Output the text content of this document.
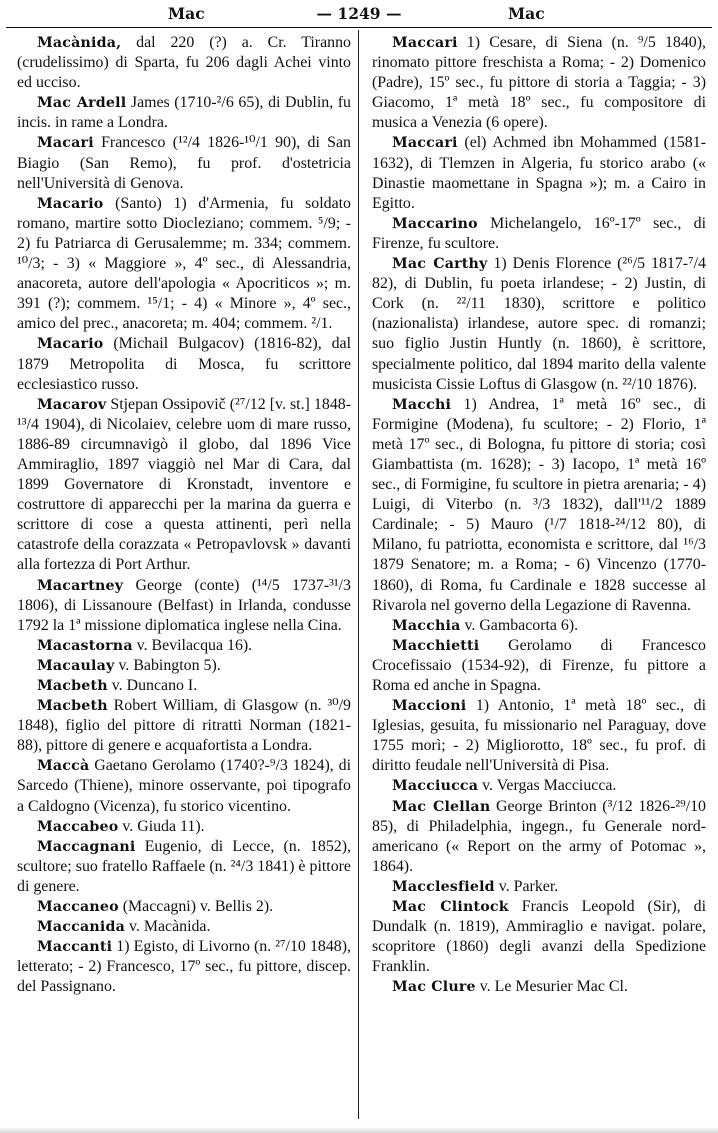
Mac	— 1249 —	Mac

Macànida, dal 220 (?) a. Cr. Tiranno (crudelissimo) di Sparta, fu 206 dagli Achei vinto ed ucciso.

Mac Ardell James (1710-²/6 65), di Dublin, fu incis. in rame a Londra.

Macari Francesco (¹²/4 1826-¹⁰/1 90), di San Biagio (San Remo), fu prof. d'ostetricia nell'Università di Genova.

Macario (Santo) 1) d'Armenia, fu soldato romano, martire sotto Diocleziano; commem. ⁵/9; - 2) fu Patriarca di Gerusalemme; m. 334; commem. ¹⁰/3; - 3) « Maggiore », 4º sec., di Alessandria, anacoreta, autore dell'apologia « Apocriticos »; m. 391 (?); commem. ¹⁵/1; - 4) « Minore », 4º sec., amico del prec., anacoreta; m. 404; commem. ²/1.

Macario (Michail Bulgacov) (1816-82), dal 1879 Metropolita di Mosca, fu scrittore ecclesiastico russo.

Macarov Stjepan Ossipovič (²⁷/12 [v. st.] 1848-¹³/4 1904), di Nicolaiev, celebre uom di mare russo, 1886-89 circumnavigò il globo, dal 1896 Vice Ammiraglio, 1897 viaggiò nel Mar di Cara, dal 1899 Governatore di Kronstadt, inventore e costruttore di apparecchi per la marina da guerra e scrittore di cose a questa attinenti, perì nella catastrofe della corazzata « Petropavlovsk » davanti alla fortezza di Port Arthur.

Macartney George (conte) (¹⁴/5 1737-³¹/3 1806), di Lissanoure (Belfast) in Irlanda, condusse 1792 la 1ª missione diplomatica inglese nella Cina.

Macastorna v. Bevilacqua 16).

Macaulay v. Babington 5).

Macbeth v. Duncano I.

Macbeth Robert William, di Glasgow (n. ³⁰/9 1848), figlio del pittore di ritratti Norman (1821-88), pittore di genere e acquafortista a Londra.

Maccà Gaetano Gerolamo (1740?-⁹/3 1824), di Sarcedo (Thiene), minore osservante, poi tipografo a Caldogno (Vicenza), fu storico vicentino.

Maccabeo v. Giuda 11).

Maccagnani Eugenio, di Lecce, (n. 1852), scultore; suo fratello Raffaele (n. ²⁴/3 1841) è pittore di genere.

Maccaneo (Maccagni) v. Bellis 2).

Maccanida v. Macànida.

Maccanti 1) Egisto, di Livorno (n. ²⁷/10 1848), letterato; - 2) Francesco, 17º sec., fu pittore, discep. del Passignano.

Maccari 1) Cesare, di Siena (n. ⁹/5 1840), rinomato pittore freschista a Roma; - 2) Domenico (Padre), 15º sec., fu pittore di storia a Taggia; - 3) Giacomo, 1ª metà 18º sec., fu compositore di musica a Venezia (6 opere).

Maccari (el) Achmed ibn Mohammed (1581-1632), di Tlemzen in Algeria, fu storico arabo (« Dinastie maomettane in Spagna »); m. a Cairo in Egitto.

Maccarino Michelangelo, 16º-17º sec., di Firenze, fu scultore.

Mac Carthy 1) Denis Florence (²⁶/5 1817-⁷/4 82), di Dublin, fu poeta irlandese; - 2) Justin, di Cork (n. ²²/11 1830), scrittore e politico (nazionalista) irlandese, autore spec. di romanzi; suo figlio Justin Huntly (n. 1860), è scrittore, specialmente politico, dal 1894 marito della valente musicista Cissie Loftus di Glasgow (n. ²²/10 1876).

Macchi 1) Andrea, 1ª metà 16º sec., di Formigine (Modena), fu scultore; - 2) Florio, 1ª metà 17º sec., di Bologna, fu pittore di storia; così Giambattista (m. 1628); - 3) Iacopo, 1ª metà 16º sec., di Formigine, fu scultore in pietra arenaria; - 4) Luigi, di Viterbo (n. ³/3 1832), dall'¹¹/2 1889 Cardinale; - 5) Mauro (¹/7 1818-²⁴/12 80), di Milano, fu patriotta, economista e scrittore, dal ¹⁶/3 1879 Senatore; m. a Roma; - 6) Vincenzo (1770-1860), di Roma, fu Cardinale e 1828 successe al Rivarola nel governo della Legazione di Ravenna.

Macchia v. Gambacorta 6).

Macchietti Gerolamo di Francesco Crocefissaio (1534-92), di Firenze, fu pittore a Roma ed anche in Spagna.

Maccioni 1) Antonio, 1ª metà 18º sec., di Iglesias, gesuita, fu missionario nel Paraguay, dove 1755 morì; - 2) Migliorotto, 18º sec., fu prof. di diritto feudale nell'Università di Pisa.

Macciucca v. Vergas Macciucca.

Mac Clellan George Brinton (³/12 1826-²⁹/10 85), di Philadelphia, ingegn., fu Generale nord-americano (« Report on the army of Potomac », 1864).

Macclesfield v. Parker.

Mac Clintock Francis Leopold (Sir), di Dundalk (n. 1819), Ammiraglio e navigat. polare, scopritore (1860) degli avanzi della Spedizione Franklin.

Mac Clure v. Le Mesurier Mac Cl.
